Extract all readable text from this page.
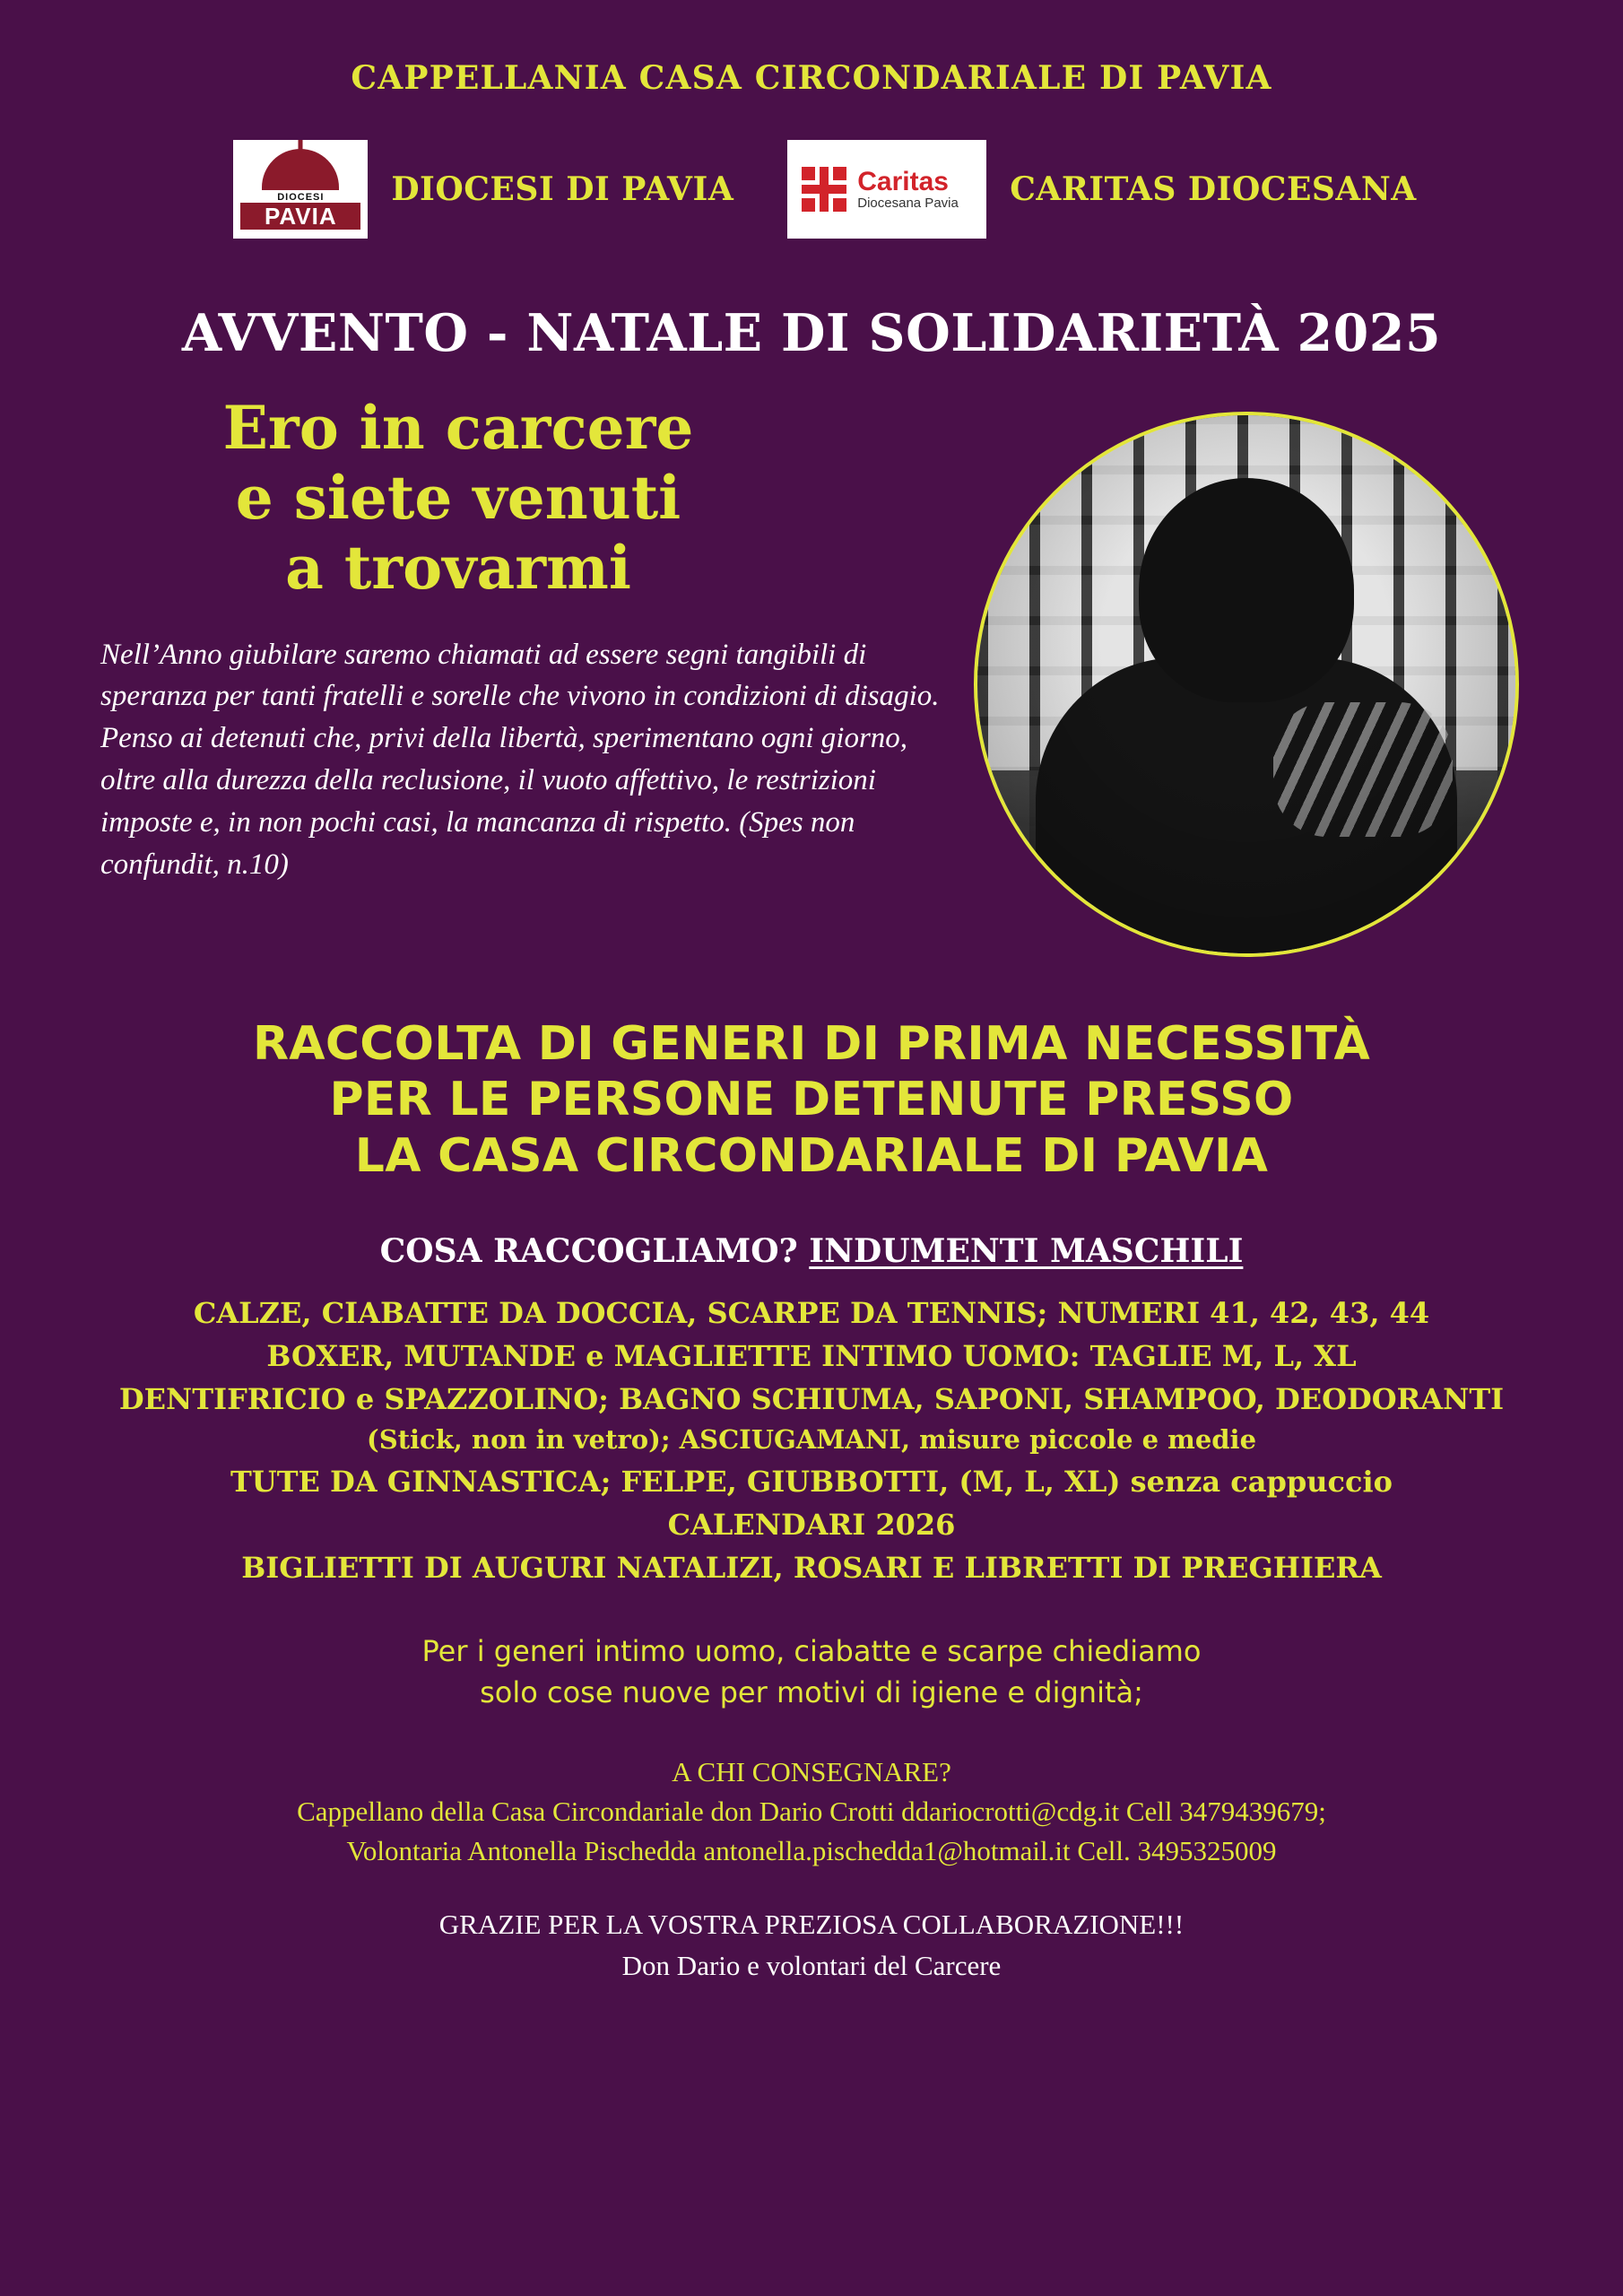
CAPPELLANIA CASA CIRCONDARIALE DI PAVIA
DIOCESI
PAVIA
DIOCESI DI PAVIA	Caritas
Diocesana Pavia CARITAS DIOCESANA
AVVENTO - NATALE DI SOLIDARIETÀ 2025
Ero in carcere
e siete venuti
a trovarmi
Nell’Anno giubilare saremo chiamati ad essere segni tangibili di speranza per tanti fratelli e sorelle che vivono in condizioni di disagio. Penso ai detenuti che, privi della libertà, sperimentano ogni giorno, oltre alla durezza della reclusione, il vuoto affettivo, le restrizioni imposte e, in non pochi casi, la mancanza di rispetto. (Spes non confundit, n.10)
RACCOLTA DI GENERI DI PRIMA NECESSITÀ
PER LE PERSONE DETENUTE PRESSO
LA CASA CIRCONDARIALE DI PAVIA
COSA RACCOGLIAMO? INDUMENTI MASCHILI
CALZE, CIABATTE DA DOCCIA, SCARPE DA TENNIS; NUMERI 41, 42, 43, 44
BOXER, MUTANDE e MAGLIETTE INTIMO UOMO: TAGLIE M, L, XL
DENTIFRICIO e SPAZZOLINO; BAGNO SCHIUMA, SAPONI, SHAMPOO, DEODORANTI
(Stick, non in vetro); ASCIUGAMANI, misure piccole e medie
TUTE DA GINNASTICA; FELPE, GIUBBOTTI, (M, L, XL) senza cappuccio
CALENDARI 2026
BIGLIETTI DI AUGURI NATALIZI, ROSARI E LIBRETTI DI PREGHIERA
Per i generi intimo uomo, ciabatte e scarpe chiediamo
solo cose nuove per motivi di igiene e dignità;
A CHI CONSEGNARE?
Cappellano della Casa Circondariale don Dario Crotti ddariocrotti@cdg.it Cell 3479439679;
Volontaria Antonella Pischedda antonella.pischedda1@hotmail.it Cell. 3495325009
GRAZIE PER LA VOSTRA PREZIOSA COLLABORAZIONE!!!
Don Dario e volontari del Carcere
